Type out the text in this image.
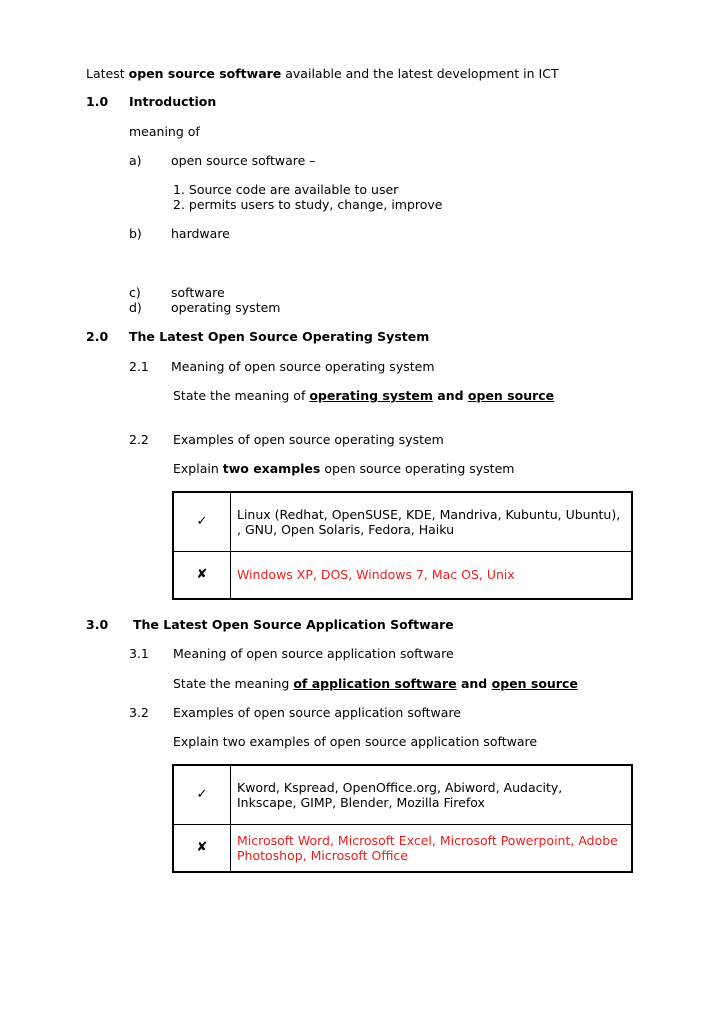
Latest open source software available and the latest development in ICT
1.0 Introduction
meaning of
a) open source software –
1. Source code are available to user
2. permits users to study, change, improve
b) hardware
c) software
d) operating system
2.0 The Latest Open Source Operating System
2.1 Meaning of open source operating system
State the meaning of operating system and open source
2.2 Examples of open source operating system
Explain two examples open source operating system
✓	Linux (Redhat, OpenSUSE, KDE, Mandriva, Kubuntu, Ubuntu), , GNU, Open Solaris, Fedora, Haiku
✘	Windows XP, DOS, Windows 7, Mac OS, Unix
3.0 The Latest Open Source Application Software
3.1 Meaning of open source application software
State the meaning of application software and open source
3.2 Examples of open source application software
Explain two examples of open source application software
✓	Kword, Kspread, OpenOffice.org, Abiword, Audacity, Inkscape, GIMP, Blender, Mozilla Firefox
✘	Microsoft Word, Microsoft Excel, Microsoft Powerpoint, Adobe Photoshop, Microsoft Office
